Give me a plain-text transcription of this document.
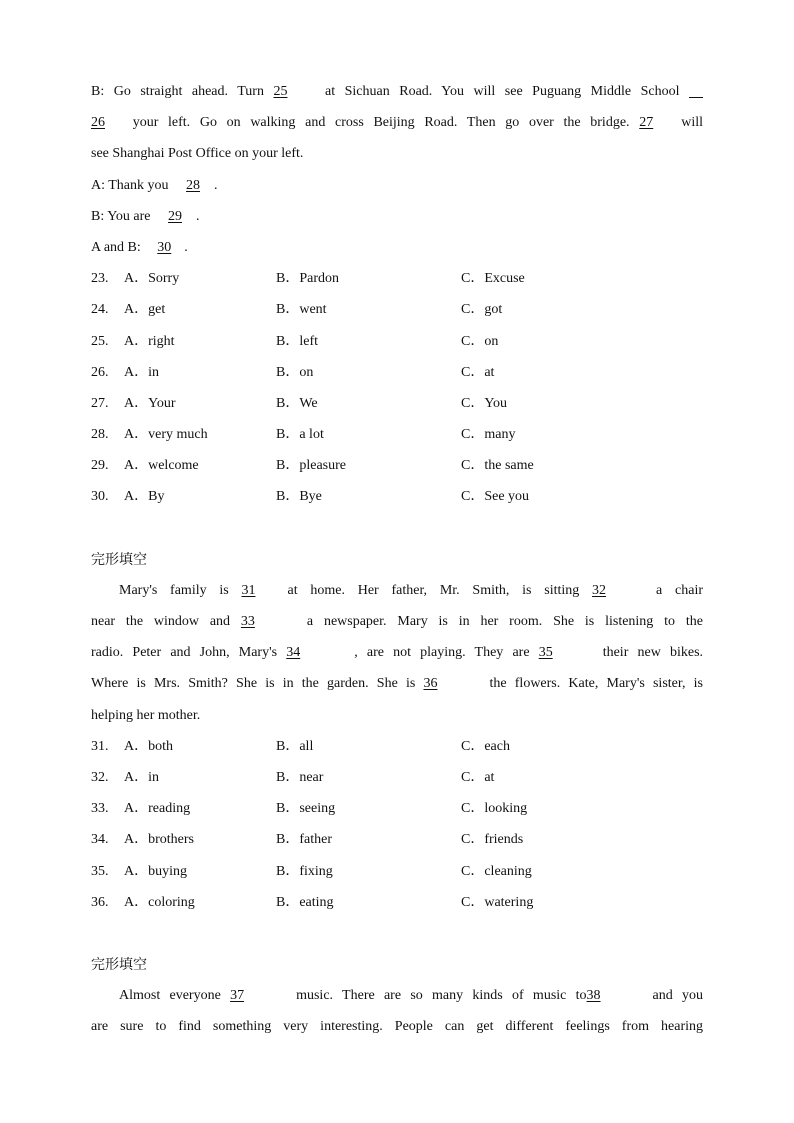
B: Go straight ahead. Turn 25	at Sichuan Road. You will see Puguang Middle School
26 your left. Go on walking and cross Beijing Road. Then go over the bridge. 27 will
see Shanghai Post Office on your left.
A: Thank you 28 .
B: You are 29 .
A and B: 30 .
23. A．Sorry	B．Pardon	C．Excuse
24. A．get	B．went	C．got
25. A．right	B．left	C．on
26. A．in	B．on	C．at
27. A．Your	B．We	C．You
28. A．very much	B．a lot	C．many
29. A．welcome	B．pleasure	C．the same
30. A．By	B．Bye	C．See you
完形填空
Mary's family is 31 at home. Her father, Mr. Smith, is sitting 32	a chair
near the window and 33	a newspaper. Mary is in her room. She is listening to the
radio. Peter and John, Mary's 34	, are not playing. They are 35	their new bikes.
Where is Mrs. Smith? She is in the garden. She is 36	the flowers. Kate, Mary's sister, is
helping her mother.
31. A．both	B．all	C．each
32. A．in	B．near	C．at
33. A．reading	B．seeing	C．looking
34. A．brothers	B．father	C．friends
35. A．buying	B．fixing	C．cleaning
36. A．coloring	B．eating	C．watering
完形填空
Almost everyone 37	music. There are so many kinds of music to38	and you
are sure to find something very interesting. People can get different feelings from hearing
